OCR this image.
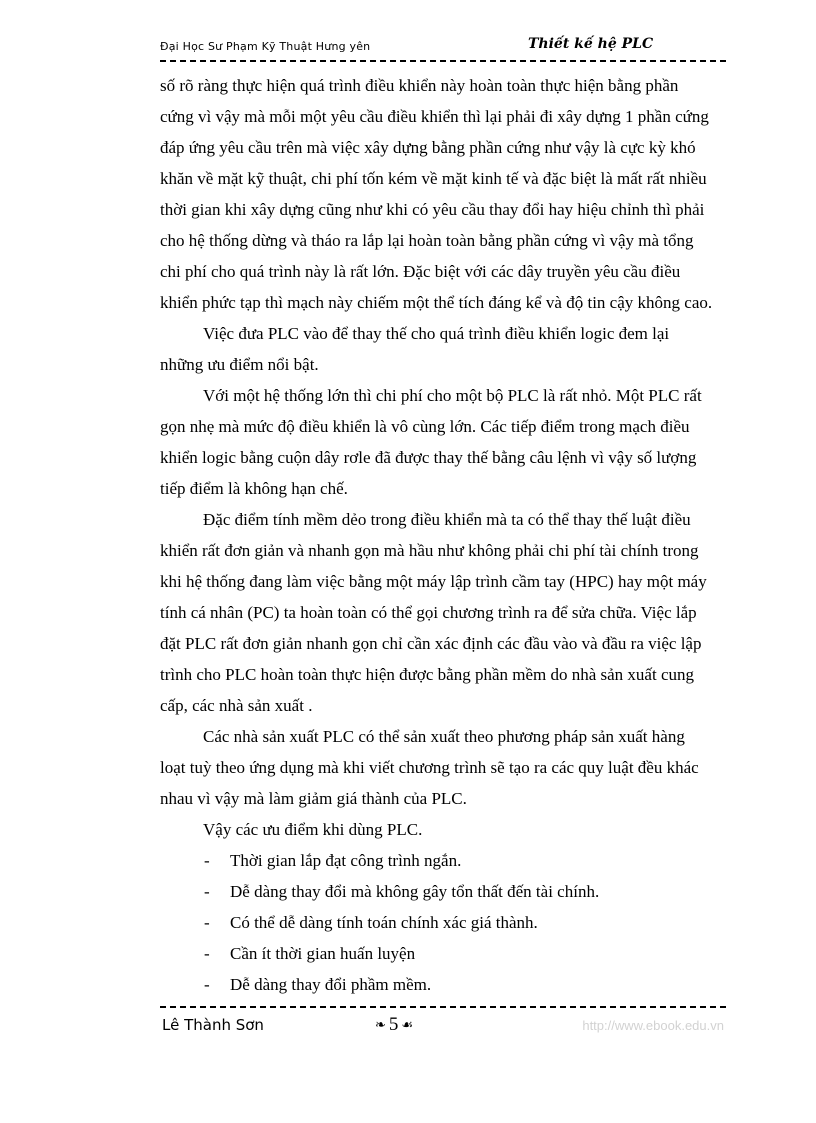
Đại Học Sư Phạm Kỹ Thuật Hưng yên	Thiết kế hệ PLC
số rõ ràng thực hiện quá trình điều khiển này hoàn toàn thực hiện bằng phần
cứng vì vậy mà mỗi một yêu cầu điều khiển thì lại phải đi xây dựng 1 phần cứng
đáp ứng yêu cầu trên mà việc xây dựng bằng phần cứng như vậy là cực kỳ khó
khăn về mặt kỹ thuật, chi phí tốn kém về mặt kinh tế và đặc biệt là mất rất nhiều
thời gian khi xây dựng cũng như khi có yêu cầu thay đổi hay hiệu chỉnh thì phải
cho hệ thống dừng và tháo ra lắp lại hoàn toàn bằng phần cứng vì vậy mà tổng
chi phí cho quá trình này là rất lớn. Đặc biệt với các dây truyền yêu cầu điều
khiển phức tạp thì mạch này chiếm một thể tích đáng kể và độ tin cậy không cao.
Việc đưa PLC vào để thay thế cho quá trình điều khiển logic đem lại
những ưu điểm nổi bật.
Với một hệ thống lớn thì chi phí cho một bộ PLC là rất nhỏ. Một PLC rất
gọn nhẹ mà mức độ điều khiển là vô cùng lớn. Các tiếp điểm trong mạch điều
khiển logic bằng cuộn dây rơle đã được thay thế bằng câu lệnh vì vậy số lượng
tiếp điểm là không hạn chế.
Đặc điểm tính mềm dẻo trong điều khiển mà ta có thể thay thế luật điều
khiển rất đơn giản và nhanh gọn mà hầu như không phải chi phí tài chính trong
khi hệ thống đang làm việc bằng một máy lập trình cầm tay (HPC) hay một máy
tính cá nhân (PC) ta hoàn toàn có thể gọi chương trình ra để sửa chữa. Việc lắp
đặt PLC rất đơn giản nhanh gọn chỉ cần xác định các đầu vào và đầu ra việc lập
trình cho PLC hoàn toàn thực hiện được bằng phần mềm do nhà sản xuất cung
cấp, các nhà sản xuất .
Các nhà sản xuất PLC có thể sản xuất theo phương pháp sản xuất hàng
loạt tuỳ theo ứng dụng mà khi viết chương trình sẽ tạo ra các quy luật đều khác
nhau vì vậy mà làm giảm giá thành của PLC.
Vậy các ưu điểm khi dùng PLC.
-	Thời gian lắp đạt công trình ngắn.
-	Dễ dàng thay đổi mà không gây tổn thất đến tài chính.
-	Có thể dễ dàng tính toán chính xác giá thành.
-	Cần ít thời gian huấn luyện
-	Dễ dàng thay đổi phầm mềm.
Lê Thành Sơn	❧ 5 ☙	http://www.ebook.edu.vn
